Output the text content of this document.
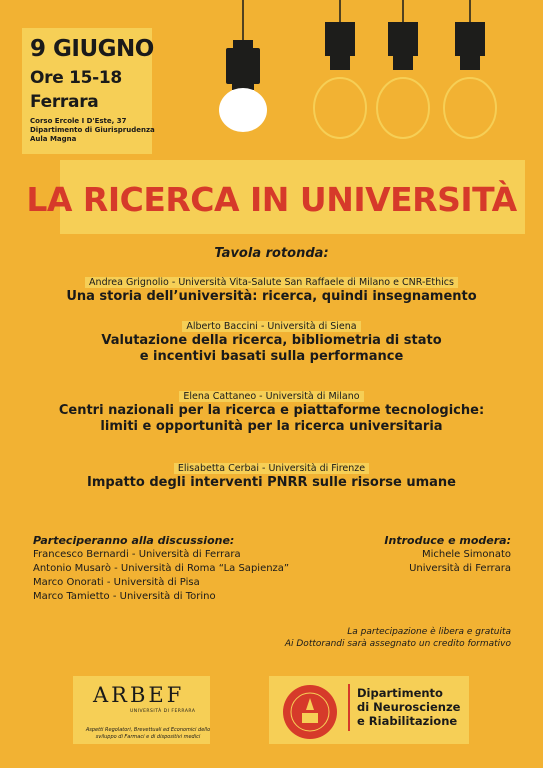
9 GIUGNO
Ore 15-18
Ferrara
Corso Ercole I D'Este, 37
Dipartimento di Giurisprudenza
Aula Magna
LA RICERCA IN UNIVERSITÀ
Tavola rotonda:
Andrea Grignolio - Università Vita-Salute San Raffaele di Milano e CNR-Ethics
Una storia dell’università: ricerca, quindi insegnamento
Alberto Baccini - Università di Siena
Valutazione della ricerca, bibliometria di stato
e incentivi basati sulla performance
Elena Cattaneo - Università di Milano
Centri nazionali per la ricerca e piattaforme tecnologiche:
limiti e opportunità per la ricerca universitaria
Elisabetta Cerbai - Università di Firenze
Impatto degli interventi PNRR sulle risorse umane
Parteciperanno alla discussione:
Francesco Bernardi - Università di Ferrara
Antonio Musarò - Università di Roma “La Sapienza”
Marco Onorati - Università di Pisa
Marco Tamietto - Università di Torino
Introduce e modera:
Michele Simonato
Università di Ferrara
La partecipazione è libera e gratuita
Ai Dottorandi sarà assegnato un credito formativo
ARBEF
UNIVERSITÀ DI FERRARA
Aspetti Regolatori, Brevettuali ed Economici dello sviluppo di Farmaci e di dispositivi medici
Dipartimento
di Neuroscienze
e Riabilitazione
